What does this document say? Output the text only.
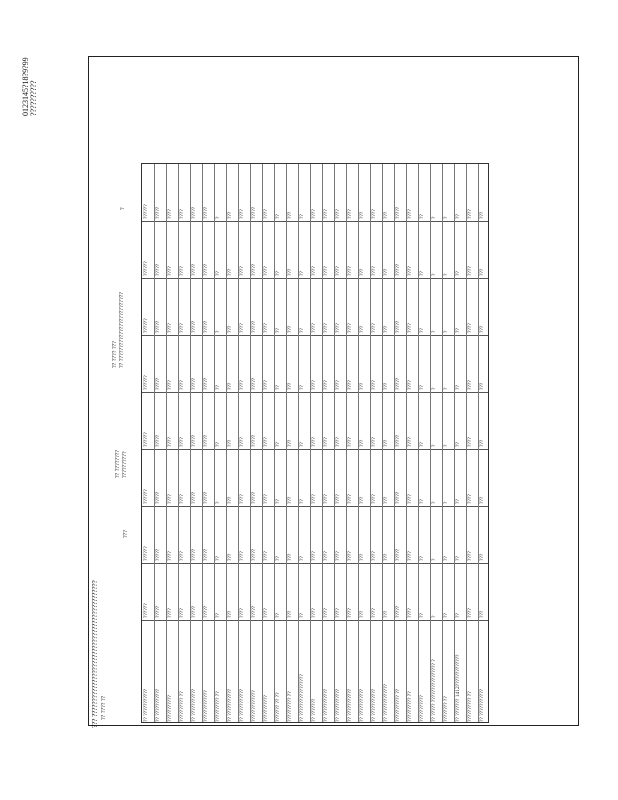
0123145?18?9?99 ??????????
??? ???????????????????????????????????????????? ?? ???? ??
???
?? ????????
??????????
?? ???? ???
?? ??????????????????????????
?
?? ???????????
??????
??????
??????
??????
??????
??????
??????
??????
?? ???????????
?????
?????
?????
?????
?????
?????
?????
?????
???????????
????
????
????
????
????
????
????
????
?????????? ??
????
????
????
????
????
????
????
????
?? ???????????
?????
?????
?????
?????
?????
?????
?????
?????
?????????????
?????
?????
?????
?????
?????
?????
?????
?????
?????????? ??
??
??
?
??
??
?
??
?
?? ???????????
???
???
???
???
???
???
???
???
?? ???????????
????
????
????
????
????
????
????
????
?????????????
?????
?????
?????
?????
?????
?????
?????
?????
???????????
????
????
????
????
????
????
????
????
??????? ?? ??
??
??
??
??
??
??
??
??
?????????? ??
???
???
???
???
???
???
???
???
?? ?????????????????
??
??
??
??
??
??
??
??
?? ???????
????
????
????
????
????
????
????
????
?? ???????????
????
????
????
????
????
????
????
????
?? ???????????
????
????
????
????
????
????
????
????
?? ???????????
????
????
????
????
????
????
????
????
?? ???????????
???
???
???
???
???
???
???
???
?? ???????????
????
????
????
????
????
????
????
????
?? ?????????????
???
???
???
???
???
???
???
???
??????????? ??
?????
?????
?????
?????
?????
?????
?????
?????
?????????? ??
????
????
????
????
????
????
????
????
???????????
??
??
??
??
??
??
??
??
?? ????? ???????????????? ?
?
?
?
?
?
?
?
?
???????? ??
??
??
?
?
?
?
?
?
?? ??????? 1412?????????????
??
??
??
??
??
??
??
??
?????????? ??
????
????
????
????
????
????
????
????
?? ???????????
???
???
???
???
???
???
???
???
